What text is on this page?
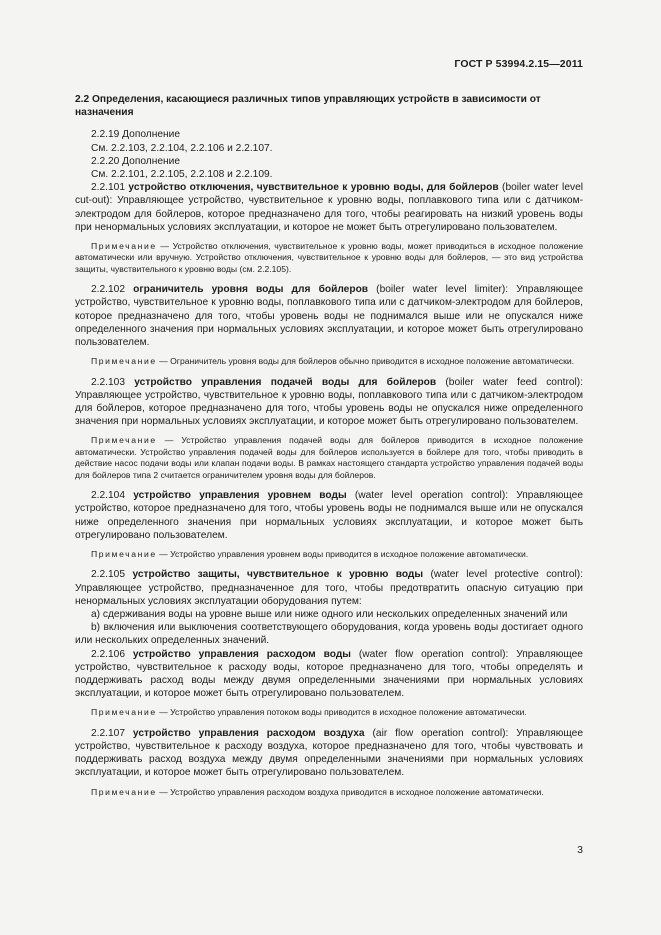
ГОСТ Р 53994.2.15—2011

2.2 Определения, касающиеся различных типов управляющих устройств в зависимости от назначения

2.2.19 Дополнение

См. 2.2.103, 2.2.104, 2.2.106 и 2.2.107.

2.2.20 Дополнение

См. 2.2.101, 2.2.105, 2.2.108 и 2.2.109.

2.2.101 устройство отключения, чувствительное к уровню воды, для бойлеров (boiler water level cut-out): Управляющее устройство, чувствительное к уровню воды, поплавкового типа или с датчиком-электродом для бойлеров, которое предназначено для того, чтобы реагировать на низкий уровень воды при ненормальных условиях эксплуатации, и которое не может быть отрегулировано пользователем.

Примечание — Устройство отключения, чувствительное к уровню воды, может приводиться в исходное положение автоматически или вручную. Устройство отключения, чувствительное к уровню воды для бойлеров, — это вид устройства защиты, чувствительного к уровню воды (см. 2.2.105).

2.2.102 ограничитель уровня воды для бойлеров (boiler water level limiter): Управляющее устройство, чувствительное к уровню воды, поплавкового типа или с датчиком-электродом для бойлеров, которое предназначено для того, чтобы уровень воды не поднимался выше или не опускался ниже определенного значения при нормальных условиях эксплуатации, и которое может быть отрегулировано пользователем.

Примечание — Ограничитель уровня воды для бойлеров обычно приводится в исходное положение автоматически.

2.2.103 устройство управления подачей воды для бойлеров (boiler water feed control): Управляющее устройство, чувствительное к уровню воды, поплавкового типа или с датчиком-электродом для бойлеров, которое предназначено для того, чтобы уровень воды не опускался ниже определенного значения при нормальных условиях эксплуатации, и которое может быть отрегулировано пользователем.

Примечание — Устройство управления подачей воды для бойлеров приводится в исходное положение автоматически. Устройство управления подачей воды для бойлеров используется в бойлере для того, чтобы приводить в действие насос подачи воды или клапан подачи воды. В рамках настоящего стандарта устройство управления подачей воды для бойлеров типа 2 считается ограничителем уровня воды для бойлеров.

2.2.104 устройство управления уровнем воды (water level operation control): Управляющее устройство, которое предназначено для того, чтобы уровень воды не поднимался выше или не опускался ниже определенного значения при нормальных условиях эксплуатации, и которое может быть отрегулировано пользователем.

Примечание — Устройство управления уровнем воды приводится в исходное положение автоматически.

2.2.105 устройство защиты, чувствительное к уровню воды (water level protective control): Управляющее устройство, предназначенное для того, чтобы предотвратить опасную ситуацию при ненормальных условиях эксплуатации оборудования путем:

а) сдерживания воды на уровне выше или ниже одного или нескольких определенных значений или

b) включения или выключения соответствующего оборудования, когда уровень воды достигает одного или нескольких определенных значений.

2.2.106 устройство управления расходом воды (water flow operation control): Управляющее устройство, чувствительное к расходу воды, которое предназначено для того, чтобы определять и поддерживать расход воды между двумя определенными значениями при нормальных условиях эксплуатации, и которое может быть отрегулировано пользователем.

Примечание — Устройство управления потоком воды приводится в исходное положение автоматически.

2.2.107 устройство управления расходом воздуха (air flow operation control): Управляющее устройство, чувствительное к расходу воздуха, которое предназначено для того, чтобы чувствовать и поддерживать расход воздуха между двумя определенными значениями при нормальных условиях эксплуатации, и которое может быть отрегулировано пользователем.

Примечание — Устройство управления расходом воздуха приводится в исходное положение автоматически.

3
